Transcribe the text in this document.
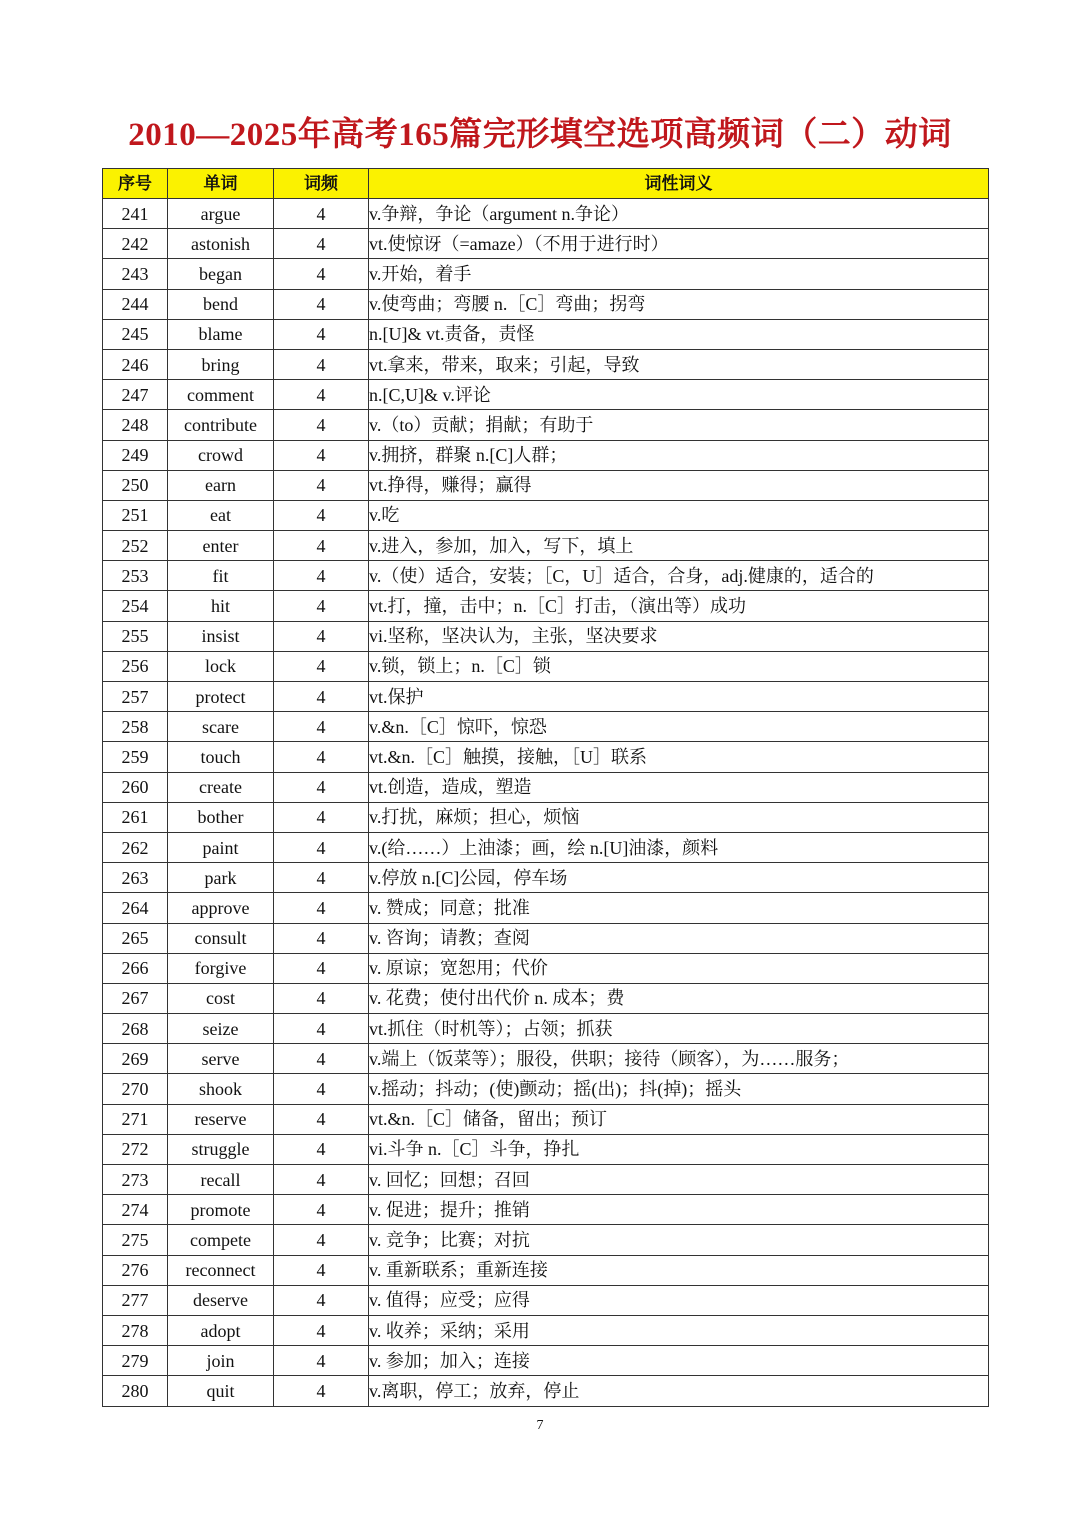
2010—2025年高考165篇完形填空选项高频词（二）动词
序号	单词	词频	词性词义
241	argue	4	v.争辩，争论（argument n.争论）
242	astonish	4	vt.使惊讶（=amaze）（不用于进行时）
243	began	4	v.开始，着手
244	bend	4	v.使弯曲；弯腰 n.［C］弯曲；拐弯
245	blame	4	n.[U]& vt.责备，责怪
246	bring	4	vt.拿来，带来，取来；引起，导致
247	comment	4	n.[C,U]& v.评论
248	contribute	4	v.（to）贡献；捐献；有助于
249	crowd	4	v.拥挤，群聚 n.[C]人群；
250	earn	4	vt.挣得，赚得；赢得
251	eat	4	v.吃
252	enter	4	v.进入，参加，加入，写下，填上
253	fit	4	v.（使）适合，安装；［C，U］适合，合身，adj.健康的，适合的
254	hit	4	vt.打，撞，击中；n.［C］打击，（演出等）成功
255	insist	4	vi.坚称，坚决认为，主张，坚决要求
256	lock	4	v.锁，锁上；n.［C］锁
257	protect	4	vt.保护
258	scare	4	v.&n.［C］惊吓，惊恐
259	touch	4	vt.&n.［C］触摸，接触，［U］联系
260	create	4	vt.创造，造成，塑造
261	bother	4	v.打扰，麻烦；担心，烦恼
262	paint	4	v.(给……）上油漆；画，绘 n.[U]油漆，颜料
263	park	4	v.停放 n.[C]公园，停车场
264	approve	4	v. 赞成；同意；批准
265	consult	4	v. 咨询；请教；查阅
266	forgive	4	v. 原谅；宽恕用；代价
267	cost	4	v. 花费；使付出代价 n. 成本；费
268	seize	4	vt.抓住（时机等）；占领；抓获
269	serve	4	v.端上（饭菜等）；服役，供职；接待（顾客），为……服务；
270	shook	4	v.摇动；抖动；(使)颤动；摇(出)；抖(掉)；摇头
271	reserve	4	vt.&n.［C］储备，留出；预订
272	struggle	4	vi.斗争 n.［C］斗争，挣扎
273	recall	4	v. 回忆；回想；召回
274	promote	4	v. 促进；提升；推销
275	compete	4	v. 竞争；比赛；对抗
276	reconnect	4	v. 重新联系；重新连接
277	deserve	4	v. 值得；应受；应得
278	adopt	4	v. 收养；采纳；采用
279	join	4	v. 参加；加入；连接
280	quit	4	v.离职，停工；放弃，停止
7
